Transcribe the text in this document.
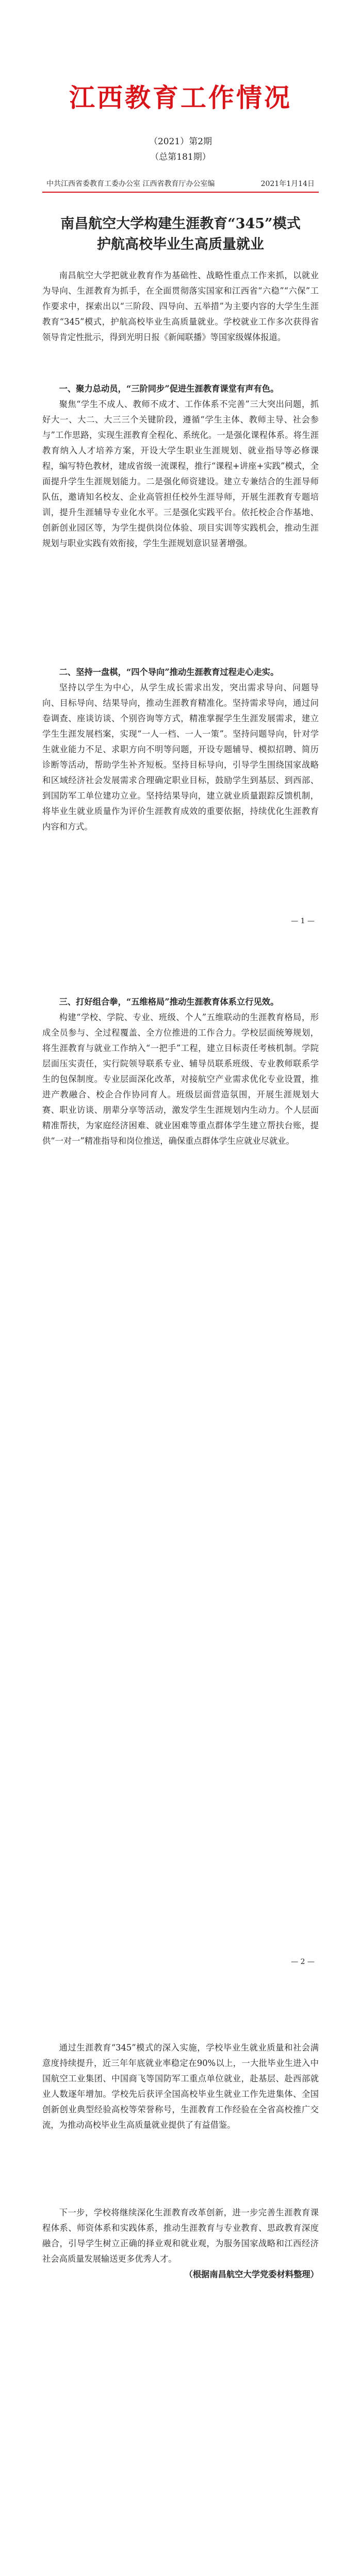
江西教育工作情况
（2021）第2期
（总第181期）
中共江西省委教育工委办公室 江西省教育厅办公室编	2021年1月14日
南昌航空大学构建生涯教育“345”模式
护航高校毕业生高质量就业
南昌航空大学把就业教育作为基础性、战略性重点工作来抓，以就业为导向、生涯教育为抓手，在全面贯彻落实国家和江西省“六稳”“六保”工作要求中，探索出以“三阶段、四导向、五举措”为主要内容的大学生生涯教育“345”模式，护航高校毕业生高质量就业。学校就业工作多次获得省领导肯定性批示，得到光明日报《新闻联播》等国家级媒体报道。

一、聚力总动员，“三阶同步”促进生涯教育课堂有声有色。

聚焦“学生不成人、教师不成才、工作体系不完善”三大突出问题，抓好大一、大二、大三三个关键阶段，遵循“学生主体、教师主导、社会参与”工作思路，实现生涯教育全程化、系统化。一是强化课程体系。将生涯教育纳入人才培养方案，开设大学生职业生涯规划、就业指导等必修课程，编写特色教材，建成省级一流课程，推行“课程+讲座+实践”模式，全面提升学生生涯规划能力。二是强化师资建设。建立专兼结合的生涯导师队伍，邀请知名校友、企业高管担任校外生涯导师，开展生涯教育专题培训，提升生涯辅导专业化水平。三是强化实践平台。依托校企合作基地、创新创业园区等，为学生提供岗位体验、项目实训等实践机会，推动生涯规划与职业实践有效衔接，学生生涯规划意识显著增强。

二、坚持一盘棋，“四个导向”推动生涯教育过程走心走实。

坚持以学生为中心，从学生成长需求出发，突出需求导向、问题导向、目标导向、结果导向，推动生涯教育精准化。坚持需求导向，通过问卷调查、座谈访谈、个别咨询等方式，精准掌握学生生涯发展需求，建立学生生涯发展档案，实现“一人一档、一人一策”。坚持问题导向，针对学生就业能力不足、求职方向不明等问题，开设专题辅导、模拟招聘、简历诊断等活动，帮助学生补齐短板。坚持目标导向，引导学生围绕国家战略和区域经济社会发展需求合理确定职业目标，鼓励学生到基层、到西部、到国防军工单位建功立业。坚持结果导向，建立就业质量跟踪反馈机制，将毕业生就业质量作为评价生涯教育成效的重要依据，持续优化生涯教育内容和方式。

— 1 —

三、打好组合拳，“五维格局”推动生涯教育体系立行见效。

构建“学校、学院、专业、班级、个人”五维联动的生涯教育格局，形成全员参与、全过程覆盖、全方位推进的工作合力。学校层面统筹规划，将生涯教育与就业工作纳入“一把手”工程，建立目标责任考核机制。学院层面压实责任，实行院领导联系专业、辅导员联系班级、专业教师联系学生的包保制度。专业层面深化改革，对接航空产业需求优化专业设置，推进产教融合、校企合作协同育人。班级层面营造氛围，开展生涯规划大赛、职业访谈、朋辈分享等活动，激发学生生涯规划内生动力。个人层面精准帮扶，为家庭经济困难、就业困难等重点群体学生建立帮扶台账，提供“一对一”精准指导和岗位推送，确保重点群体学生应就业尽就业。

— 2 —

通过生涯教育“345”模式的深入实施，学校毕业生就业质量和社会满意度持续提升，近三年年底就业率稳定在90%以上，一大批毕业生进入中国航空工业集团、中国商飞等国防军工重点单位就业，赴基层、赴西部就业人数逐年增加。学校先后获评全国高校毕业生就业工作先进集体、全国创新创业典型经验高校等荣誉称号，生涯教育工作经验在全省高校推广交流，为推动高校毕业生高质量就业提供了有益借鉴。

下一步，学校将继续深化生涯教育改革创新，进一步完善生涯教育课程体系、师资体系和实践体系，推动生涯教育与专业教育、思政教育深度融合，引导学生树立正确的择业观和就业观，为服务国家战略和江西经济社会高质量发展输送更多优秀人才。

（根据南昌航空大学党委材料整理）
